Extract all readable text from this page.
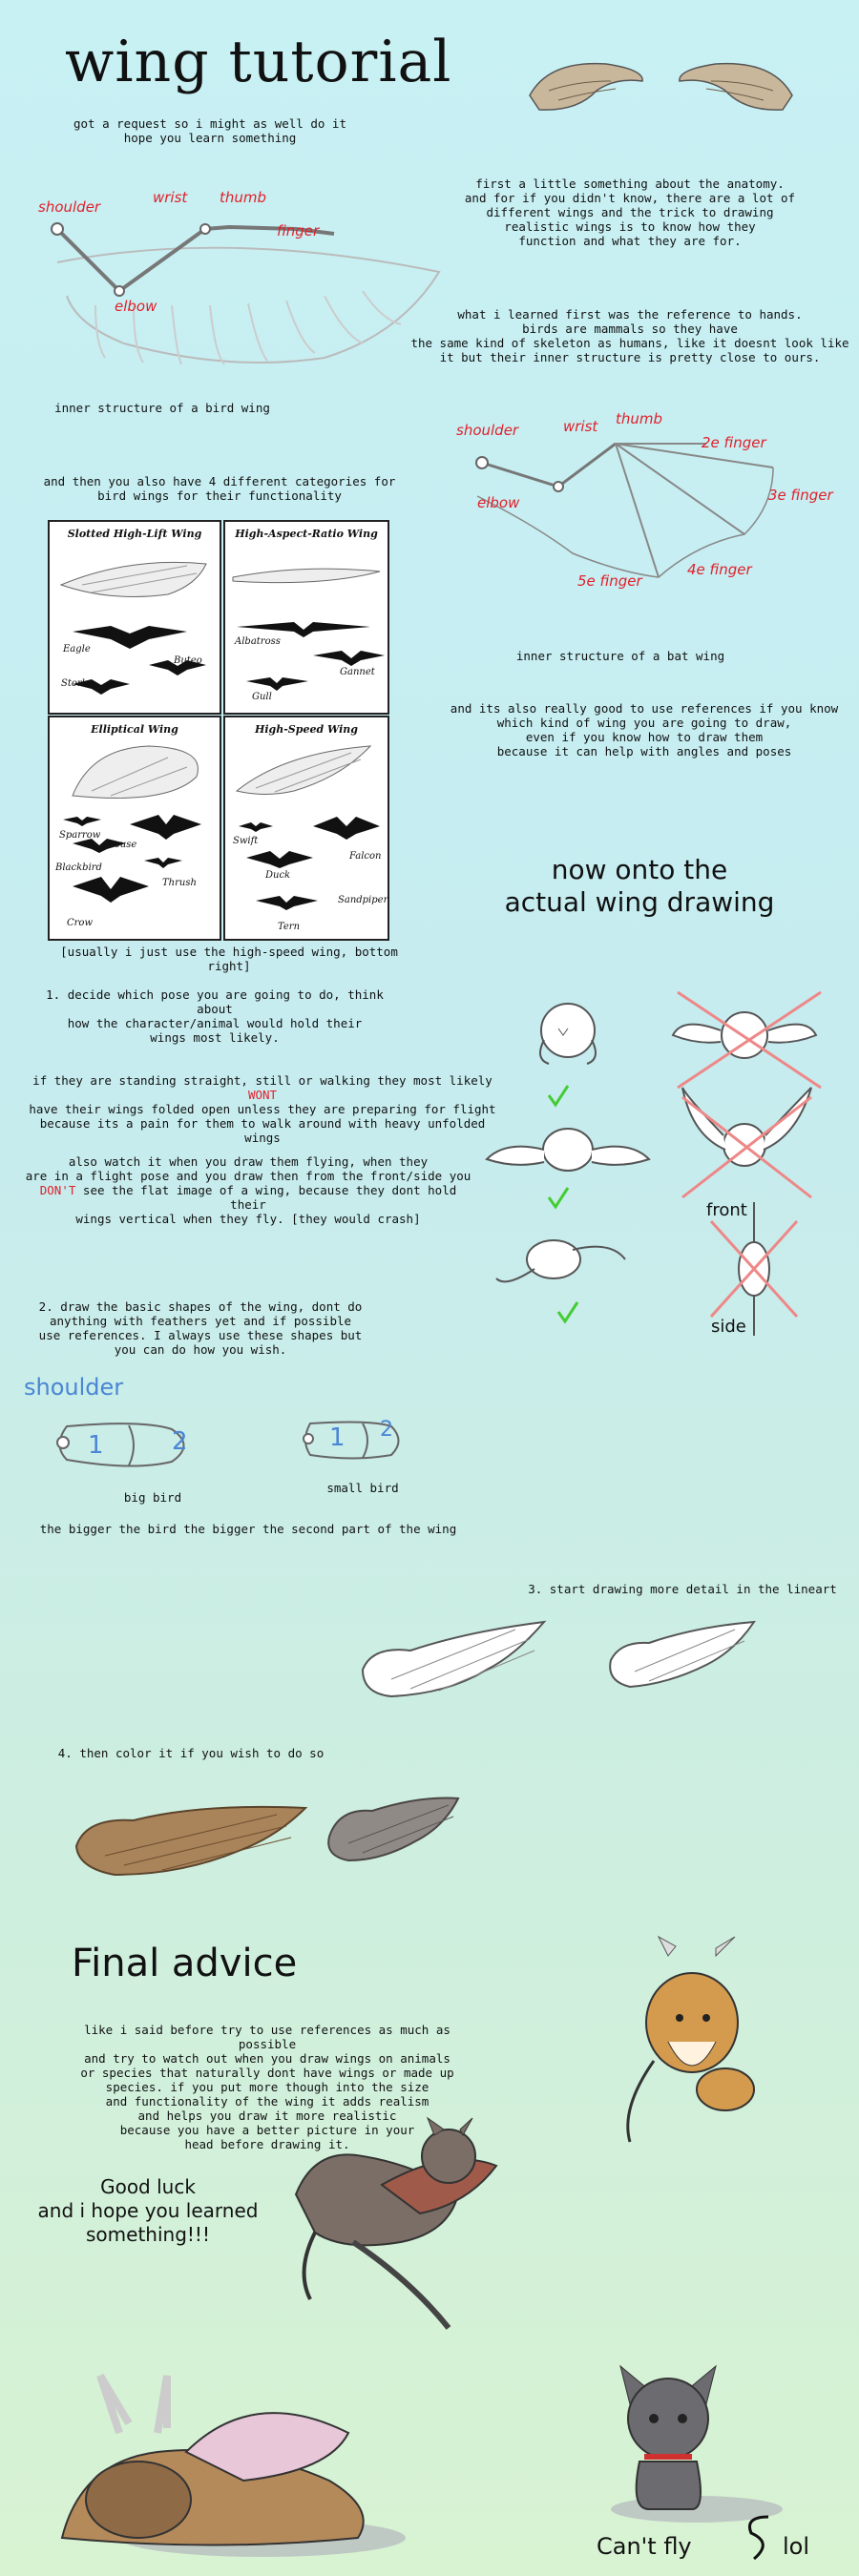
wing tutorial
got a request so i might as well do it
hope you learn something
first a little something about the anatomy.
and for if you didn't know, there are a lot of
different wings and the trick to drawing
realistic wings is to know how they
function and what they are for.
shoulder
wrist thumb
finger
elbow	what i learned first was the reference to hands.
birds are mammals so they have
the same kind of skeleton as humans, like it doesnt look like
it but their inner structure is pretty close to ours.
inner structure of a bird wing
shoulder	wrist thumb
elbow
2e finger
3e finger
4e finger
5e finger
and then you also have 4 different categories for
bird wings for their functionality
Slotted High-Lift Wing
Eagle
Buteo
Stork
High-Aspect-Ratio Wing
Albatross
Gannet
Gull
Elliptical Wing
Sparrow
Grouse
Blackbird
Thrush
Crow
High-Speed Wing
Swift
Falcon
Duck
Sandpiper
Tern
[usually i just use the high-speed wing, bottom right]
inner structure of a bat wing
and its also really good to use references if you know
which kind of wing you are going to draw,
even if you know how to draw them
because it can help with angles and poses
now onto the
actual wing drawing
1. decide which pose you are going to do, think about
how the character/animal would hold their
wings most likely.
if they are standing straight, still or walking they most likely WONT
have their wings folded open unless they are preparing for flight
because its a pain for them to walk around with heavy unfolded wings
also watch it when you draw them flying, when they
are in a flight pose and you draw then from the front/side you
DON'T see the flat image of a wing, because they dont hold their
wings vertical when they fly. [they would crash]	front
side
2. draw the basic shapes of the wing, dont do
anything with feathers yet and if possible
use references. I always use these shapes but
you can do how you wish.
shoulder
1	2	1 2
big bird
small bird
the bigger the bird the bigger the second part of the wing
3. start drawing more detail in the lineart
4. then color it if you wish to do so
Final advice
like i said before try to use references as much as possible
and try to watch out when you draw wings on animals
or species that naturally dont have wings or made up
species. if you put more though into the size
and functionality of the wing it adds realism
and helps you draw it more realistic
because you have a better picture in your
head before drawing it.
Good luck
and i hope you learned
something!!!
Can't fly	lol
